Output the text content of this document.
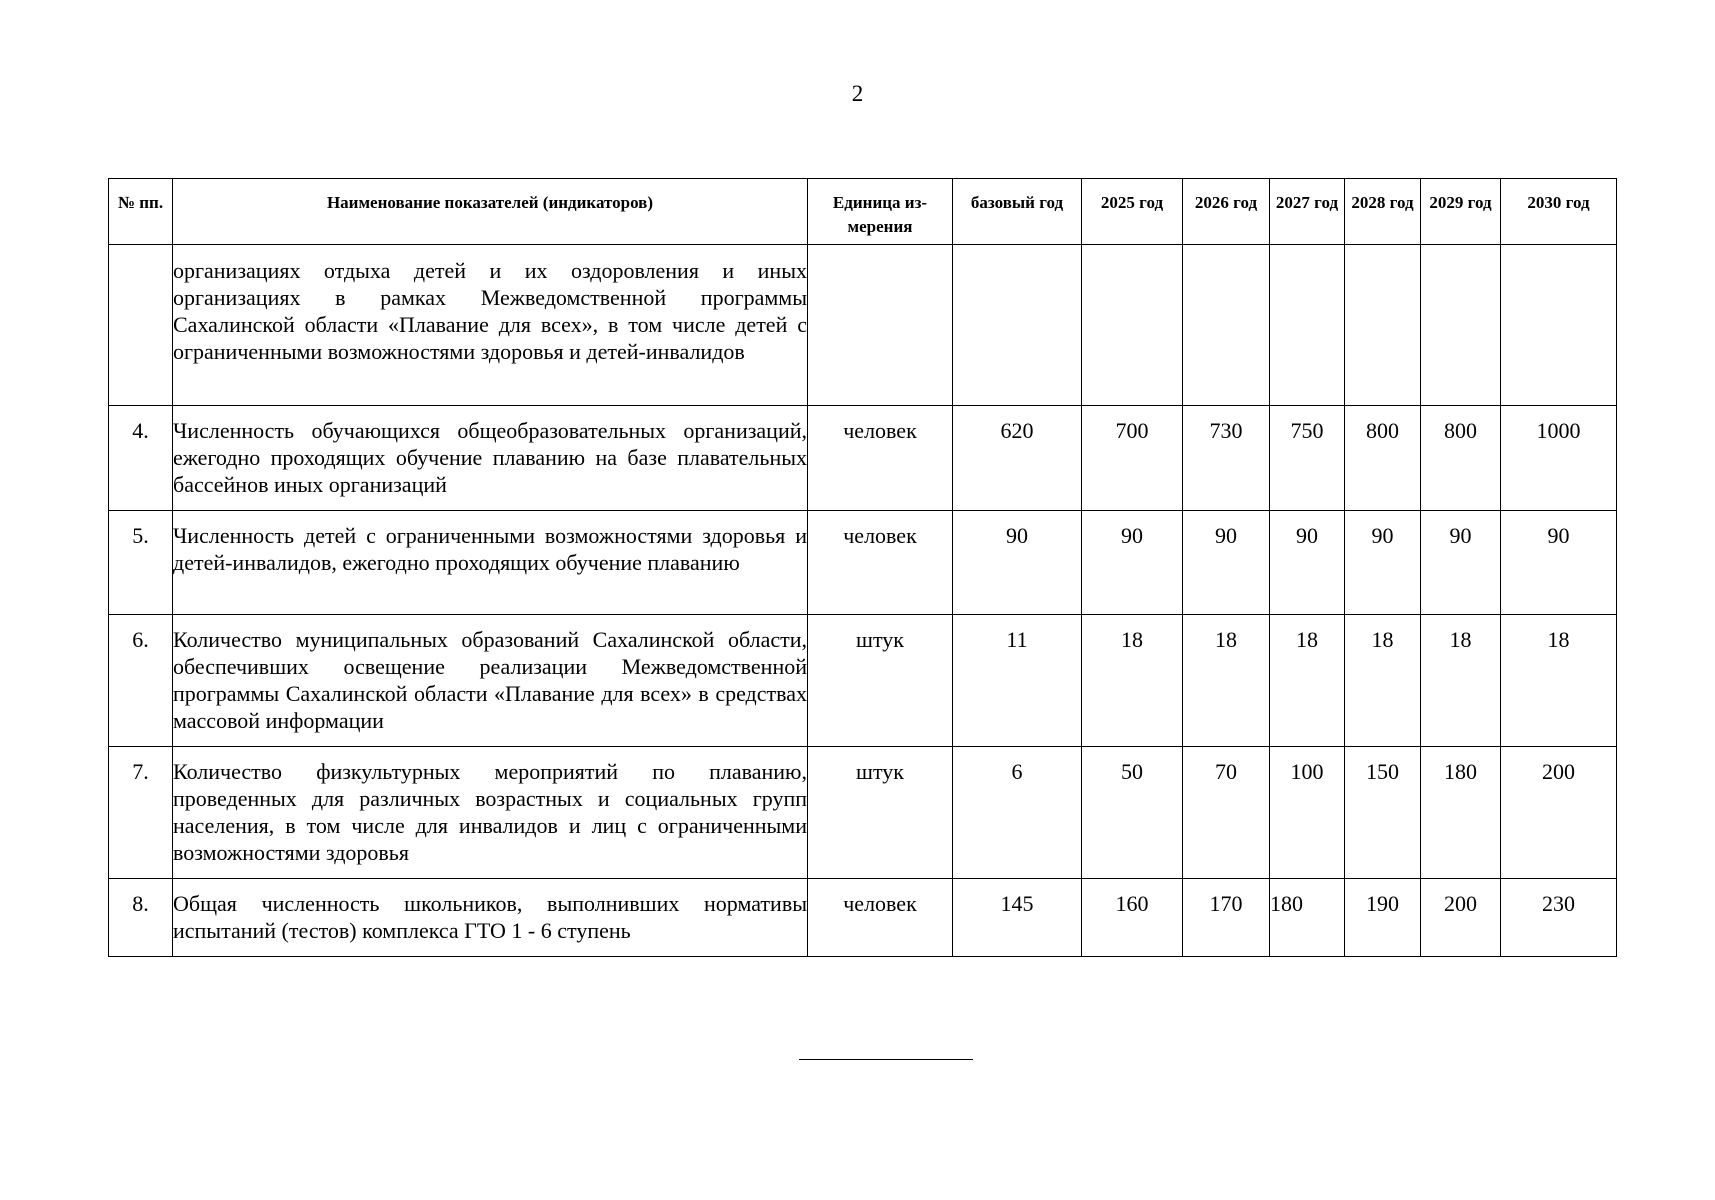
2
№ пп.	Наименование показателей (индикаторов)	Единица из- мерения	базовый год	2025 год	2026 год	2027 год	2028 год	2029 год	2030 год
	организациях отдыха детей и их оздоровления и иных организациях в рамках Межведомственной программы Сахалинской области «Плавание для всех», в том числе детей с ограниченными возможностями здоровья и детей-инвалидов								
4.	Численность обучающихся общеобразовательных организаций, ежегодно проходящих обучение плаванию на базе плавательных бассейнов иных организаций	человек	620	700	730	750	800	800	1000
5.	Численность детей с ограниченными возможностями здоровья и детей-инвалидов, ежегодно проходящих обучение плаванию	человек	90	90	90	90	90	90	90
6.	Количество муниципальных образований Сахалинской области, обеспечивших освещение реализации Межведомственной программы Сахалинской области «Плавание для всех» в средствах массовой информации	штук	11	18	18	18	18	18	18
7.	Количество физкультурных мероприятий по плаванию, проведенных для различных возрастных и социальных групп населения, в том числе для инвалидов и лиц с ограниченными возможностями здоровья	штук	6	50	70	100	150	180	200
8.	Общая численность школьников, выполнивших нормативы испытаний (тестов) комплекса ГТО 1 - 6 ступень	человек	145	160	170	180	190	200	230
